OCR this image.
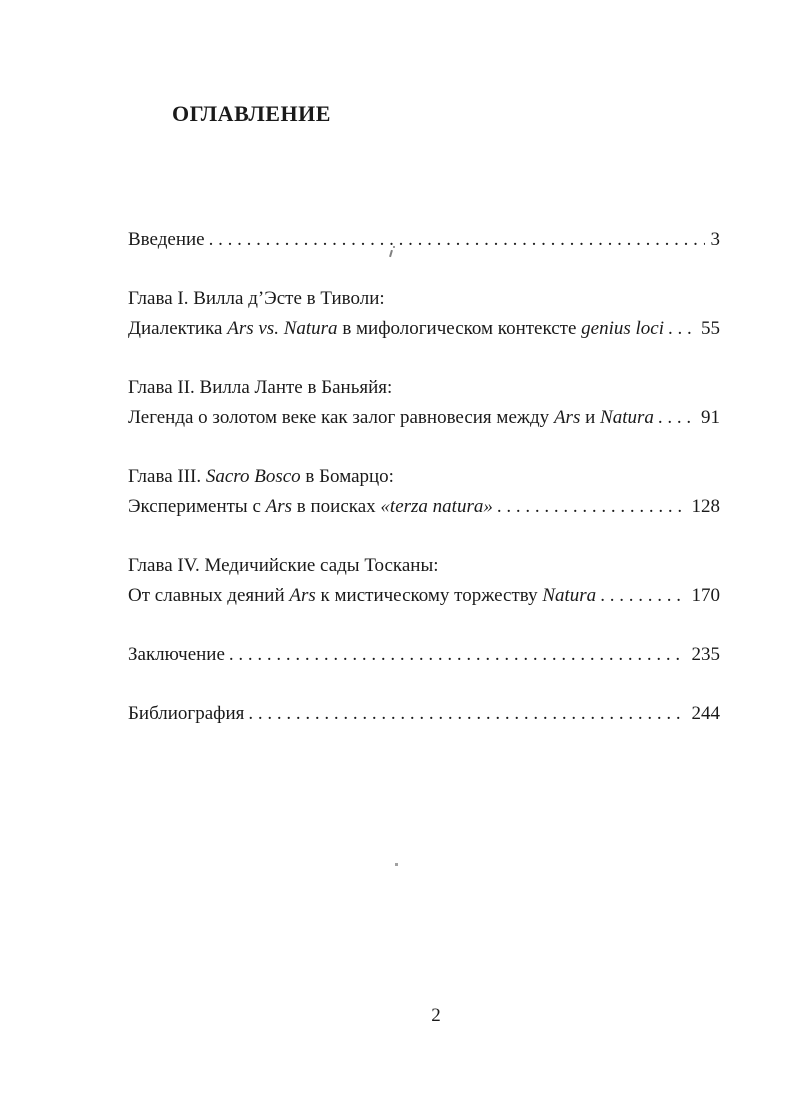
ОГЛАВЛЕНИЕ
Введение . . .	3
Глава I. Вилла д’Эсте в Тиволи:
Диалектика Ars vs. Natura в мифологическом контексте genius loci . . .	55
Глава II. Вилла Ланте в Баньяйя:
Легенда о золотом веке как залог равновесия между Ars и Natura . . .	91
Глава III. Sacro Bosco в Бомарцо:
Эксперименты с Ars в поисках «terza natura» . . .	128
Глава IV. Медичийские сады Тосканы:
От славных деяний Ars к мистическому торжеству Natura . . .	170
Заключение . . .	235
Библиография . . .	244
2
